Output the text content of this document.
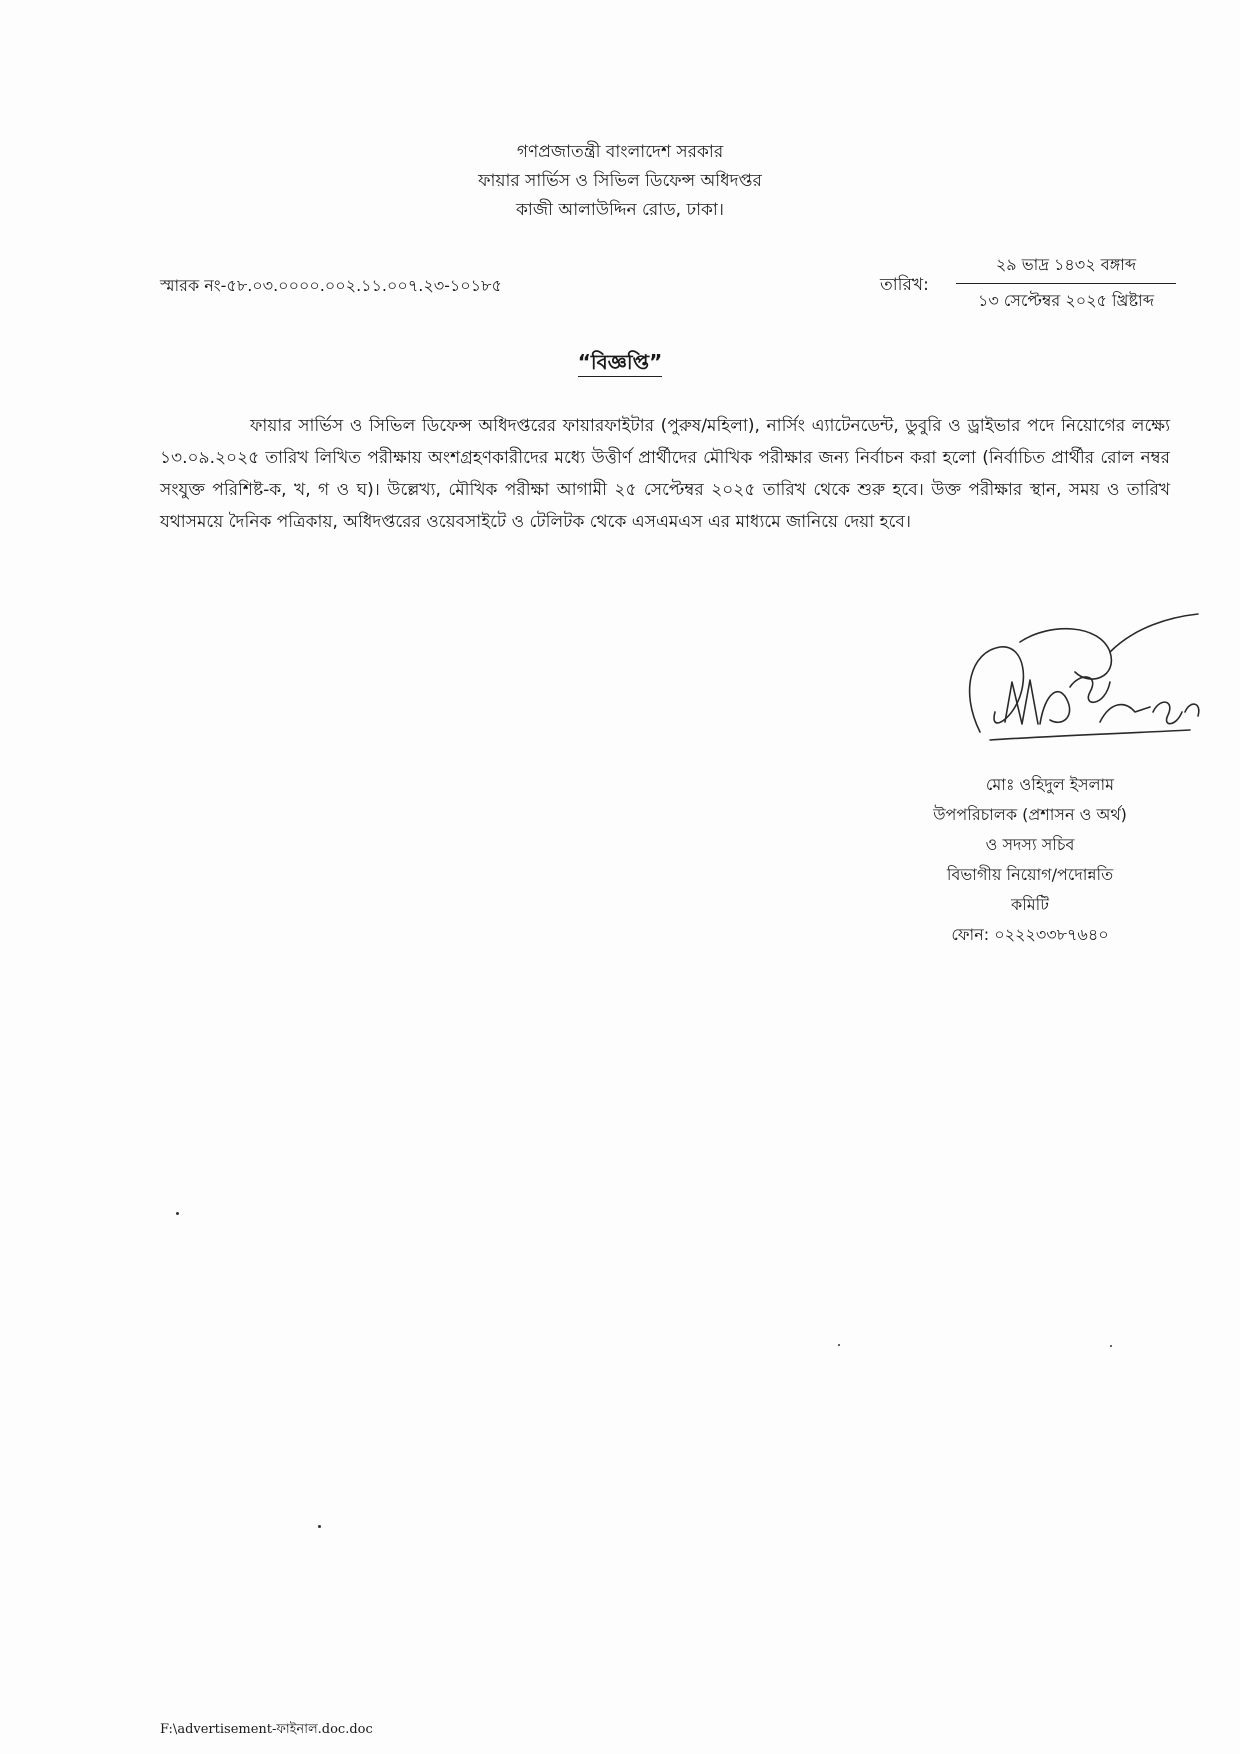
গণপ্রজাতন্ত্রী বাংলাদেশ সরকার
ফায়ার সার্ভিস ও সিভিল ডিফেন্স অধিদপ্তর
কাজী আলাউদ্দিন রোড, ঢাকা।
স্মারক নং-৫৮.০৩.০০০০.০০২.১১.০০৭.২৩-১০১৮৫	তারিখ:
২৯ ভাদ্র ১৪৩২ বঙ্গাব্দ
১৩ সেপ্টেম্বর ২০২৫ খ্রিষ্টাব্দ
“বিজ্ঞপ্তি”
ফায়ার সার্ভিস ও সিভিল ডিফেন্স অধিদপ্তরের ফায়ারফাইটার (পুরুষ/মহিলা), নার্সিং এ্যাটেনডেন্ট, ডুবুরি ও ড্রাইভার পদে নিয়োগের লক্ষ্যে ১৩.০৯.২০২৫ তারিখ লিখিত পরীক্ষায় অংশগ্রহণকারীদের মধ্যে উত্তীর্ণ প্রার্থীদের মৌখিক পরীক্ষার জন্য নির্বাচন করা হলো (নির্বাচিত প্রার্থীর রোল নম্বর সংযুক্ত পরিশিষ্ট-ক, খ, গ ও ঘ)। উল্লেখ্য, মৌখিক পরীক্ষা আগামী ২৫ সেপ্টেম্বর ২০২৫ তারিখ থেকে শুরু হবে। উক্ত পরীক্ষার স্থান, সময় ও তারিখ যথাসময়ে দৈনিক পত্রিকায়, অধিদপ্তরের ওয়েবসাইটে ও টেলিটক থেকে এসএমএস এর মাধ্যমে জানিয়ে দেয়া হবে।
মোঃ ওহিদুল ইসলাম
উপপরিচালক (প্রশাসন ও অর্থ)
ও সদস্য সচিব
বিভাগীয় নিয়োগ/পদোন্নতি
কমিটি
ফোন: ০২২২৩৩৮৭৬৪০
F:\advertisement-ফাইনাল.doc.doc
